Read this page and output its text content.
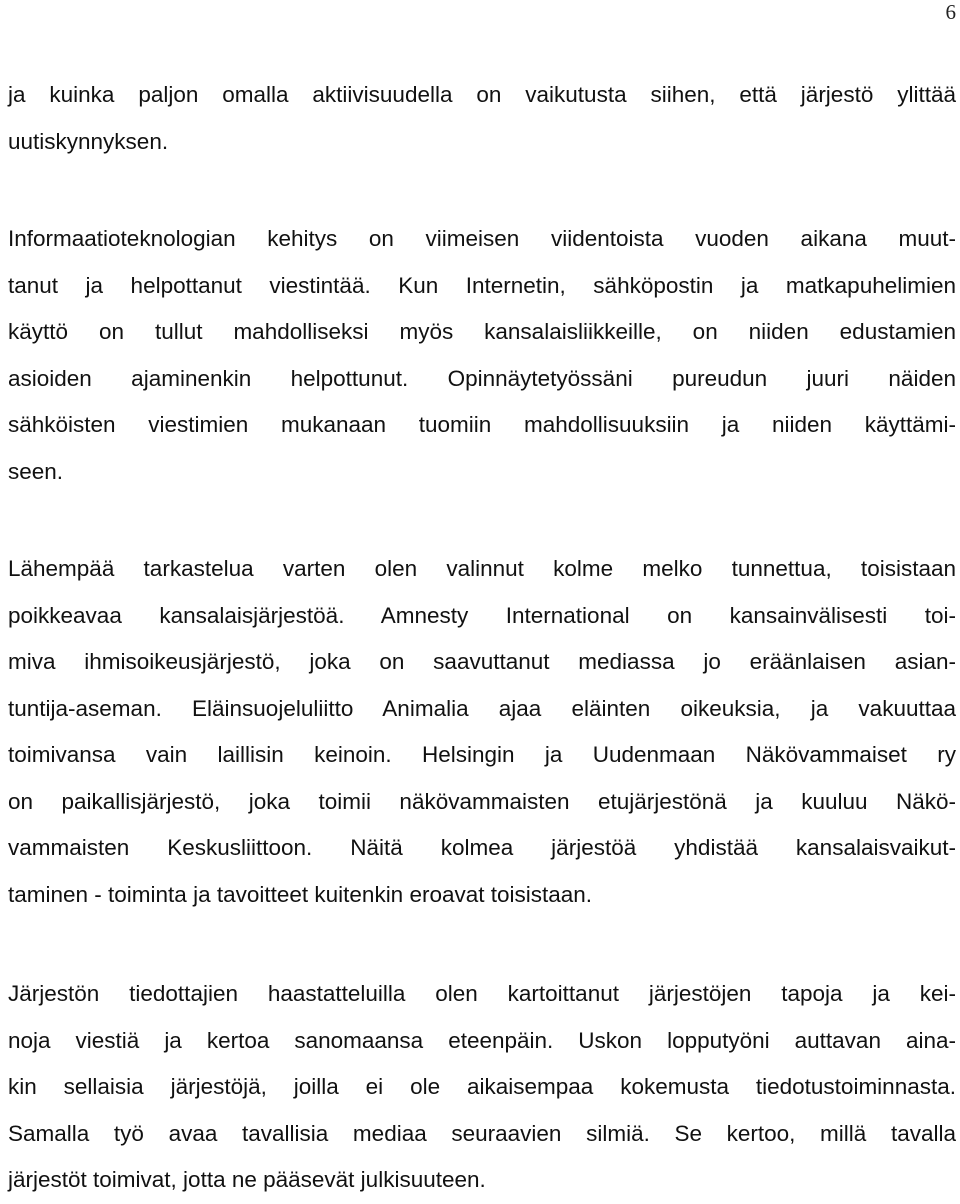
6
ja kuinka paljon omalla aktiivisuudella on vaikutusta siihen, että järjestö ylittää
uutiskynnyksen.
Informaatioteknologian kehitys on viimeisen viidentoista vuoden aikana muut-
tanut ja helpottanut viestintää. Kun Internetin, sähköpostin ja matkapuhelimien
käyttö on tullut mahdolliseksi myös kansalaisliikkeille, on niiden edustamien
asioiden ajaminenkin helpottunut. Opinnäytetyössäni pureudun juuri näiden
sähköisten viestimien mukanaan tuomiin mahdollisuuksiin ja niiden käyttämi-
seen.
Lähempää tarkastelua varten olen valinnut kolme melko tunnettua, toisistaan
poikkeavaa kansalaisjärjestöä. Amnesty International on kansainvälisesti toi-
miva ihmisoikeusjärjestö, joka on saavuttanut mediassa jo eräänlaisen asian-
tuntija-aseman. Eläinsuojeluliitto Animalia ajaa eläinten oikeuksia, ja vakuuttaa
toimivansa vain laillisin keinoin. Helsingin ja Uudenmaan Näkövammaiset ry
on paikallisjärjestö, joka toimii näkövammaisten etujärjestönä ja kuuluu Näkö-
vammaisten Keskusliittoon. Näitä kolmea järjestöä yhdistää kansalaisvaikut-
taminen - toiminta ja tavoitteet kuitenkin eroavat toisistaan.
Järjestön tiedottajien haastatteluilla olen kartoittanut järjestöjen tapoja ja kei-
noja viestiä ja kertoa sanomaansa eteenpäin. Uskon lopputyöni auttavan aina-
kin sellaisia järjestöjä, joilla ei ole aikaisempaa kokemusta tiedotustoiminnasta.
Samalla työ avaa tavallisia mediaa seuraavien silmiä. Se kertoo, millä tavalla
järjestöt toimivat, jotta ne pääsevät julkisuuteen.
